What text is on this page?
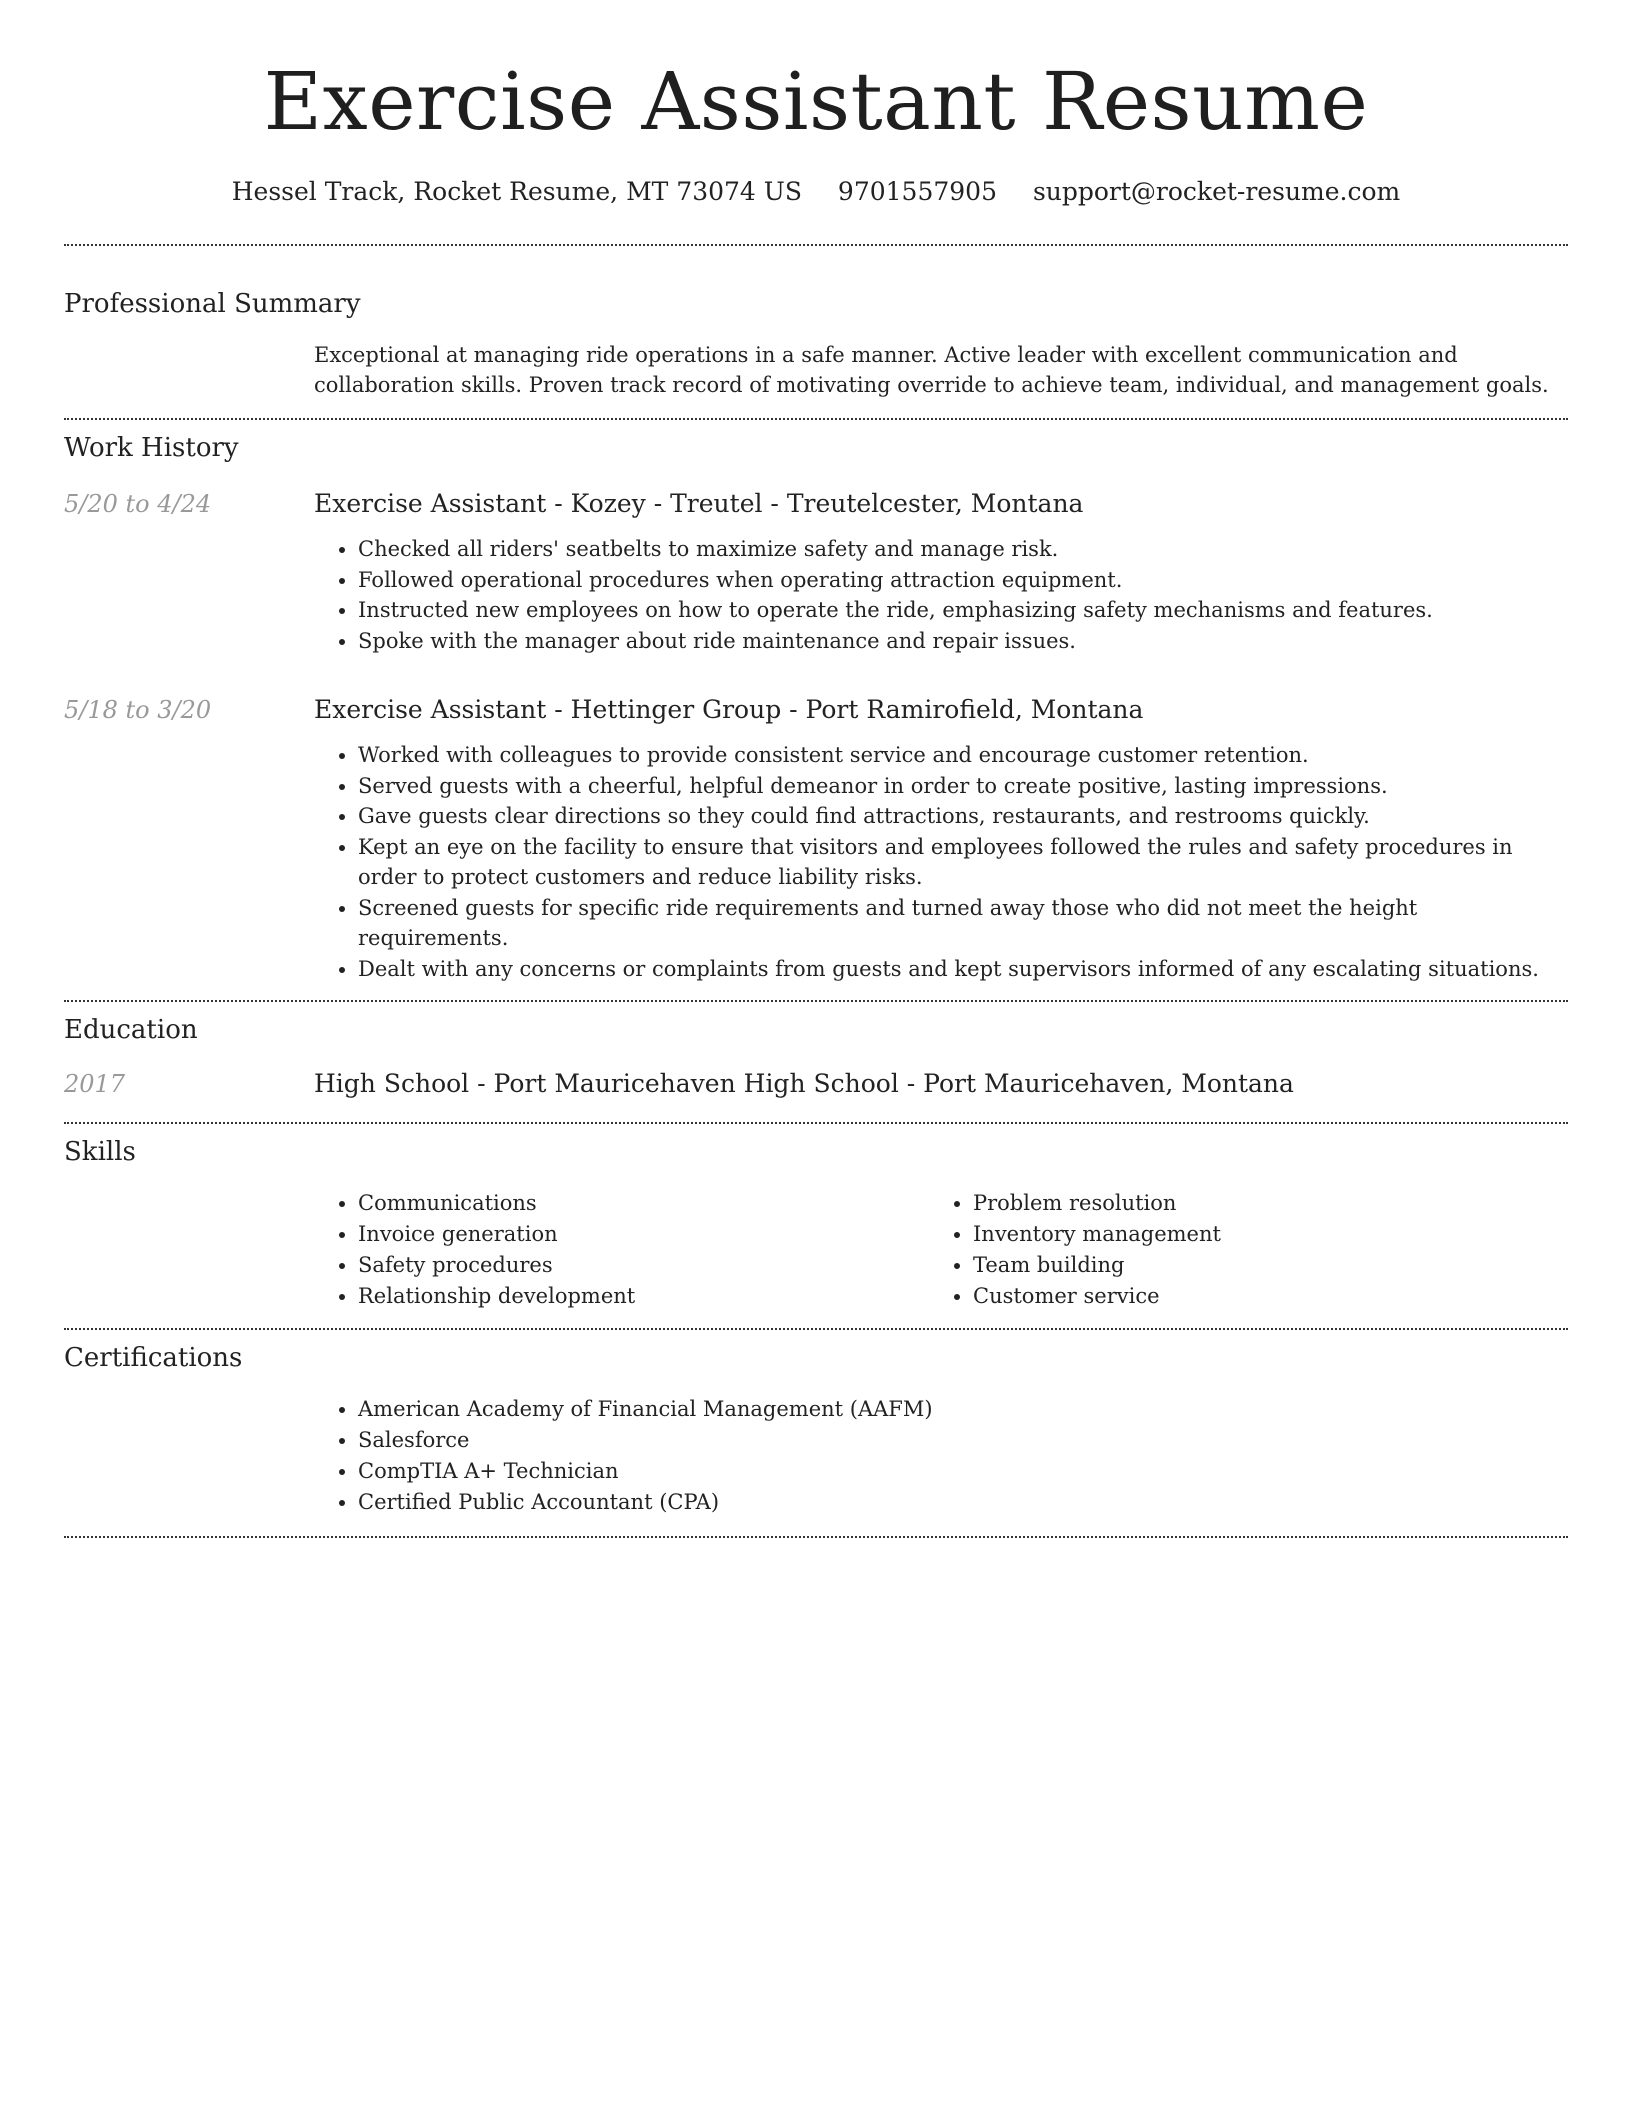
Exercise Assistant Resume
Hessel Track, Rocket Resume, MT 73074 US 9701557905 support@rocket-resume.com
Professional Summary
Exceptional at managing ride operations in a safe manner. Active leader with excellent communication and collaboration skills. Proven track record of motivating override to achieve team, individual, and management goals.
Work History
5/20 to 4/24	Exercise Assistant - Kozey - Treutel - Treutelcester, Montana
• Checked all riders' seatbelts to maximize safety and manage risk.
• Followed operational procedures when operating attraction equipment.
• Instructed new employees on how to operate the ride, emphasizing safety mechanisms and features.
• Spoke with the manager about ride maintenance and repair issues.
5/18 to 3/20	Exercise Assistant - Hettinger Group - Port Ramirofield, Montana
• Worked with colleagues to provide consistent service and encourage customer retention.
• Served guests with a cheerful, helpful demeanor in order to create positive, lasting impressions.
• Gave guests clear directions so they could find attractions, restaurants, and restrooms quickly.
• Kept an eye on the facility to ensure that visitors and employees followed the rules and safety procedures in order to protect customers and reduce liability risks.
• Screened guests for specific ride requirements and turned away those who did not meet the height requirements.
• Dealt with any concerns or complaints from guests and kept supervisors informed of any escalating situations.
Education
2017	High School - Port Mauricehaven High School - Port Mauricehaven, Montana
Skills
• Communications
• Invoice generation
• Safety procedures
• Relationship development
• Problem resolution
• Inventory management
• Team building
• Customer service
Certifications
• American Academy of Financial Management (AAFM)
• Salesforce
• CompTIA A+ Technician
• Certified Public Accountant (CPA)
